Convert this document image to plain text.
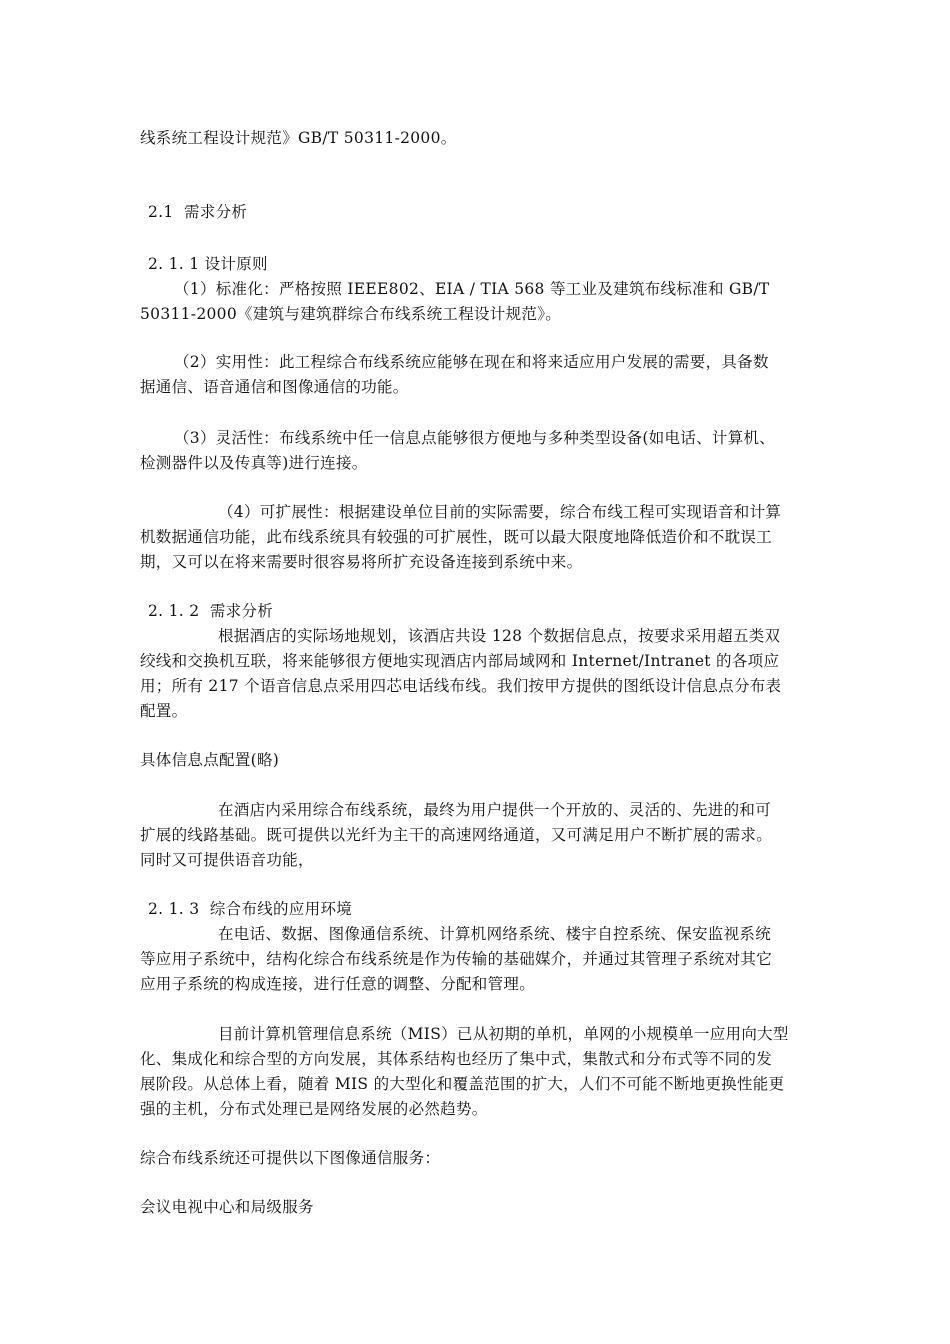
线系统工程设计规范》GB/T 50311-2000。
2.1  需求分析
2. 1. 1 设计原则
（1）标准化：严格按照 IEEE802、EIA / TIA 568 等工业及建筑布线标准和 GB/T
50311-2000《建筑与建筑群综合布线系统工程设计规范》。
（2）实用性：此工程综合布线系统应能够在现在和将来适应用户发展的需要，具备数
据通信、语音通信和图像通信的功能。
（3）灵活性：布线系统中任一信息点能够很方便地与多种类型设备(如电话、计算机、
检测器件以及传真等)进行连接。
（4）可扩展性：根据建设单位目前的实际需要，综合布线工程可实现语音和计算
机数据通信功能，此布线系统具有较强的可扩展性，既可以最大限度地降低造价和不耽误工
期，又可以在将来需要时很容易将所扩充设备连接到系统中来。
2. 1. 2  需求分析
根据酒店的实际场地规划，该酒店共设 128 个数据信息点，按要求采用超五类双
绞线和交换机互联，将来能够很方便地实现酒店内部局域网和 Internet/Intranet 的各项应
用；所有 217 个语音信息点采用四芯电话线布线。我们按甲方提供的图纸设计信息点分布表
配置。
具体信息点配置(略)
在酒店内采用综合布线系统，最终为用户提供一个开放的、灵活的、先进的和可
扩展的线路基础。既可提供以光纤为主干的高速网络通道，又可满足用户不断扩展的需求。
同时又可提供语音功能，
2. 1. 3  综合布线的应用环境
在电话、数据、图像通信系统、计算机网络系统、楼宇自控系统、保安监视系统
等应用子系统中，结构化综合布线系统是作为传输的基础媒介，并通过其管理子系统对其它
应用子系统的构成连接，进行任意的调整、分配和管理。
目前计算机管理信息系统（MIS）已从初期的单机，单网的小规模单一应用向大型
化、集成化和综合型的方向发展，其体系结构也经历了集中式，集散式和分布式等不同的发
展阶段。从总体上看，随着 MIS 的大型化和覆盖范围的扩大，人们不可能不断地更换性能更
强的主机，分布式处理已是网络发展的必然趋势。
综合布线系统还可提供以下图像通信服务：
会议电视中心和局级服务
